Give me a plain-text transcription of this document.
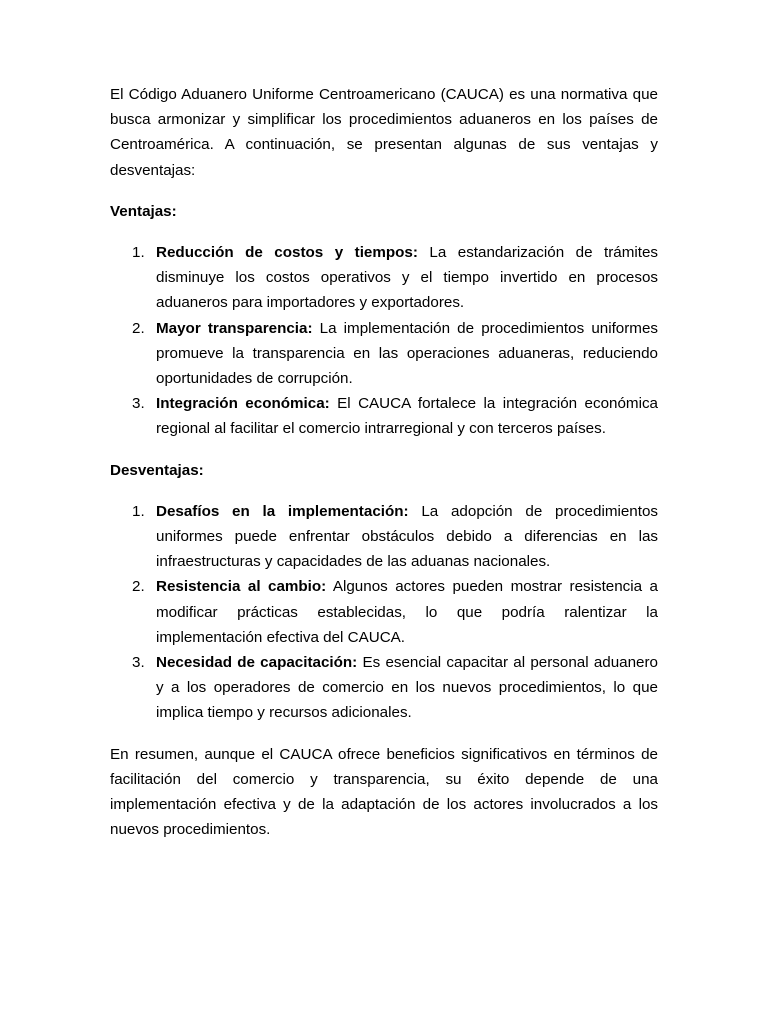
El Código Aduanero Uniforme Centroamericano (CAUCA) es una normativa que busca armonizar y simplificar los procedimientos aduaneros en los países de Centroamérica. A continuación, se presentan algunas de sus ventajas y desventajas:

Ventajas:

1. Reducción de costos y tiempos: La estandarización de trámites disminuye los costos operativos y el tiempo invertido en procesos aduaneros para importadores y exportadores.
2. Mayor transparencia: La implementación de procedimientos uniformes promueve la transparencia en las operaciones aduaneras, reduciendo oportunidades de corrupción.
3. Integración económica: El CAUCA fortalece la integración económica regional al facilitar el comercio intrarregional y con terceros países.

Desventajas:

1. Desafíos en la implementación: La adopción de procedimientos uniformes puede enfrentar obstáculos debido a diferencias en las infraestructuras y capacidades de las aduanas nacionales.
2. Resistencia al cambio: Algunos actores pueden mostrar resistencia a modificar prácticas establecidas, lo que podría ralentizar la implementación efectiva del CAUCA.
3. Necesidad de capacitación: Es esencial capacitar al personal aduanero y a los operadores de comercio en los nuevos procedimientos, lo que implica tiempo y recursos adicionales.

En resumen, aunque el CAUCA ofrece beneficios significativos en términos de facilitación del comercio y transparencia, su éxito depende de una implementación efectiva y de la adaptación de los actores involucrados a los nuevos procedimientos.
